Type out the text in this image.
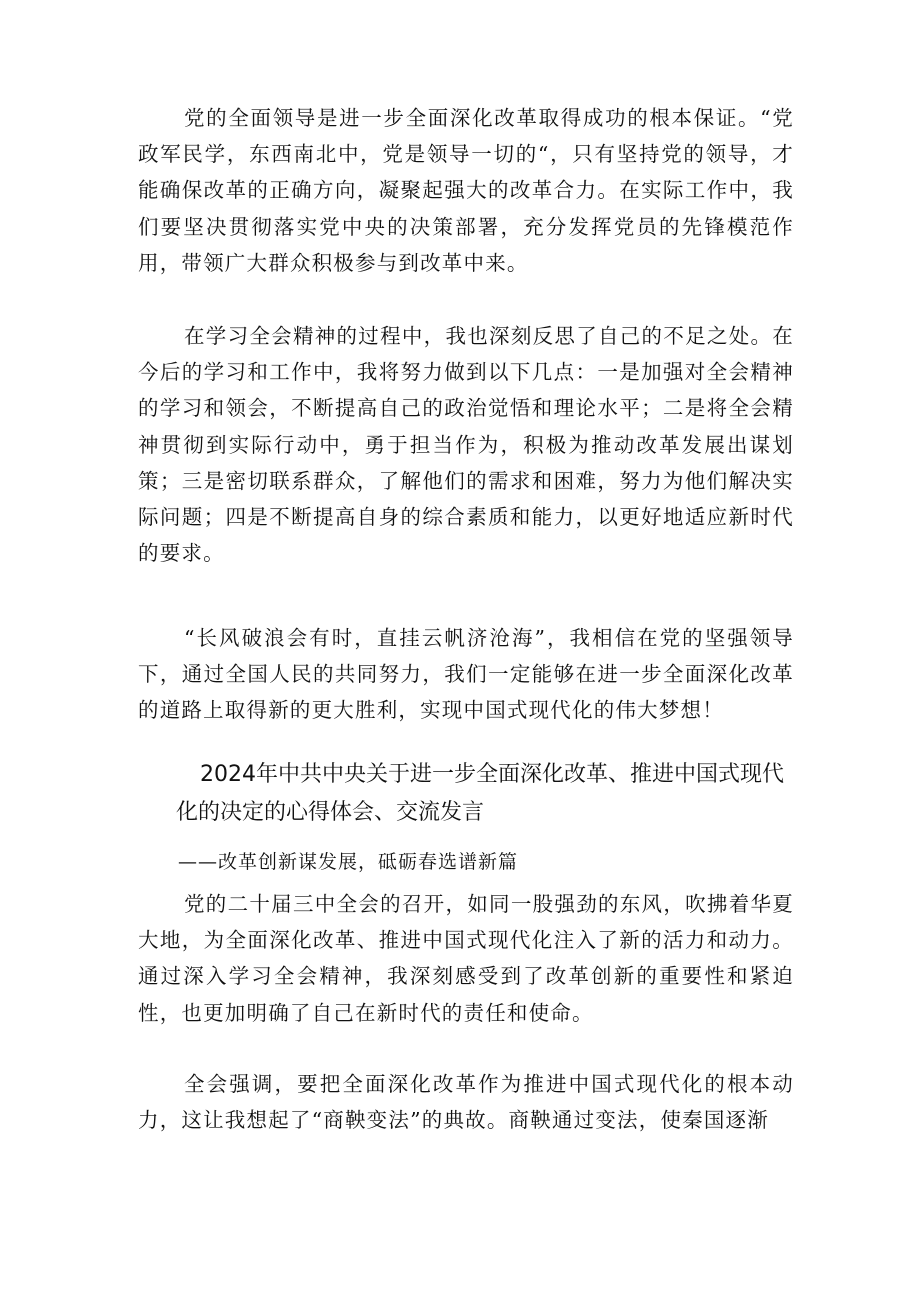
党的全面领导是进一步全面深化改革取得成功的根本保证。“党政军民学，东西南北中，党是领导一切的“，只有坚持党的领导，才能确保改革的正确方向，凝聚起强大的改革合力。在实际工作中，我们要坚决贯彻落实党中央的决策部署，充分发挥党员的先锋模范作用，带领广大群众积极参与到改革中来。

在学习全会精神的过程中，我也深刻反思了自己的不足之处。在今后的学习和工作中，我将努力做到以下几点：一是加强对全会精神的学习和领会，不断提高自己的政治觉悟和理论水平；二是将全会精神贯彻到实际行动中，勇于担当作为，积极为推动改革发展出谋划策；三是密切联系群众，了解他们的需求和困难，努力为他们解决实际问题；四是不断提高自身的综合素质和能力，以更好地适应新时代的要求。

“长风破浪会有时，直挂云帆济沧海”，我相信在党的坚强领导下，通过全国人民的共同努力，我们一定能够在进一步全面深化改革的道路上取得新的更大胜利，实现中国式现代化的伟大梦想！

2024年中共中央关于进一步全面深化改革、推进中国式现代化的决定的心得体会、交流发言

——改革创新谋发展，砥砺春选谱新篇

党的二十届三中全会的召开，如同一股强劲的东风，吹拂着华夏大地，为全面深化改革、推进中国式现代化注入了新的活力和动力。通过深入学习全会精神，我深刻感受到了改革创新的重要性和紧迫性，也更加明确了自己在新时代的责任和使命。

全会强调，要把全面深化改革作为推进中国式现代化的根本动力，这让我想起了“商鞅变法”的典故。商鞅通过变法，使秦国逐渐
